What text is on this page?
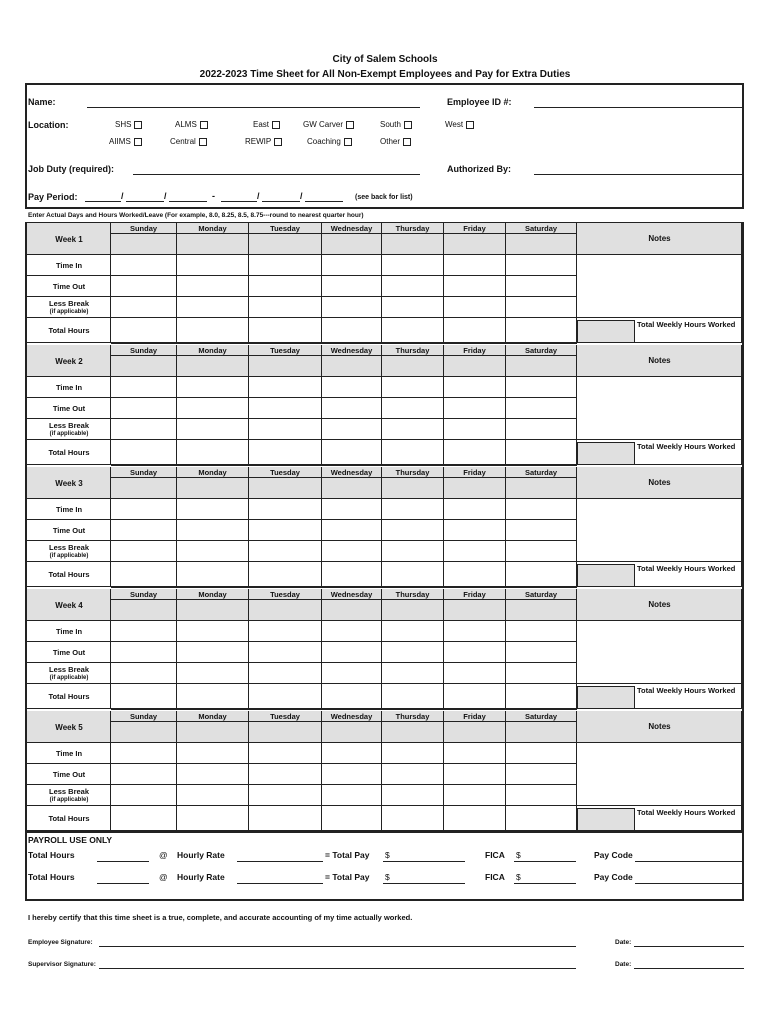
City of Salem Schools
2022-2023 Time Sheet for All Non-Exempt Employees and Pay for Extra Duties
Name:	Employee ID #:
Location:	SHS	ALMS	East	GW Carver	South	West
AIIMS	Central	REWIP	Coaching	Other
Job Duty (required):	Authorized By:
Pay Period:	/	/	-	/	/	(see back for list)
Enter Actual Days and Hours Worked/Leave (For example, 8.0, 8.25, 8.5, 8.75---round to nearest quarter hour)
Week 1
Sunday	Monday	Tuesday	Wednesday	Thursday	Friday	Saturday
Notes
Time In
Time Out
Less Break
(if applicable)
Total Hours
Total Weekly Hours Worked
Week 2
Sunday	Monday	Tuesday	Wednesday	Thursday	Friday	Saturday
Notes
Time In
Time Out
Less Break
(if applicable)
Total Hours
Total Weekly Hours Worked
Week 3
Sunday	Monday	Tuesday	Wednesday	Thursday	Friday	Saturday
Notes
Time In
Time Out
Less Break
(if applicable)
Total Hours
Total Weekly Hours Worked
Week 4
Sunday	Monday	Tuesday	Wednesday	Thursday	Friday	Saturday
Notes
Time In
Time Out
Less Break
(if applicable)
Total Hours
Total Weekly Hours Worked
Week 5
Sunday	Monday	Tuesday	Wednesday	Thursday	Friday	Saturday
Notes
Time In
Time Out
Less Break
(if applicable)
Total Hours
Total Weekly Hours Worked
PAYROLL USE ONLY
Total Hours	@ Hourly Rate	= Total Pay $	FICA $	Pay Code
Total Hours	@ Hourly Rate	= Total Pay $	FICA $	Pay Code
I hereby certify that this time sheet is a true, complete, and accurate accounting of my time actually worked.
Employee Signature:	Date:
Supervisor Signature:	Date:
